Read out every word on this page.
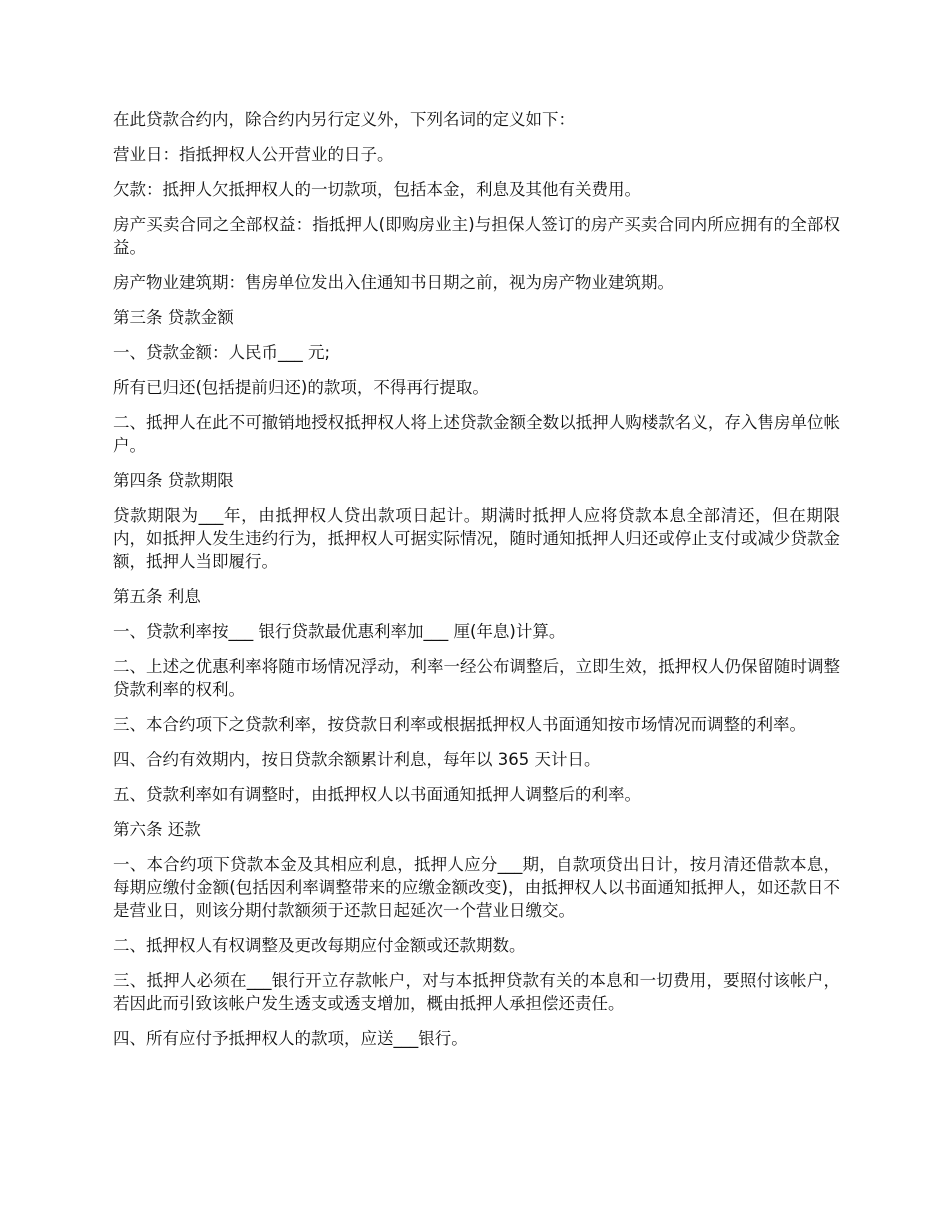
在此贷款合约内，除合约内另行定义外，下列名词的定义如下：

营业日：指抵押权人公开营业的日子。

欠款：抵押人欠抵押权人的一切款项，包括本金，利息及其他有关费用。

房产买卖合同之全部权益：指抵押人(即购房业主)与担保人签订的房产买卖合同内所应拥有的全部权益。

房产物业建筑期：售房单位发出入住通知书日期之前，视为房产物业建筑期。

第三条 贷款金额

一、贷款金额：人民币___ 元;

所有已归还(包括提前归还)的款项，不得再行提取。

二、抵押人在此不可撤销地授权抵押权人将上述贷款金额全数以抵押人购楼款名义，存入售房单位帐户。

第四条 贷款期限

贷款期限为___年，由抵押权人贷出款项日起计。期满时抵押人应将贷款本息全部清还，但在期限内，如抵押人发生违约行为，抵押权人可据实际情况，随时通知抵押人归还或停止支付或减少贷款金额，抵押人当即履行。

第五条 利息

一、贷款利率按___ 银行贷款最优惠利率加___ 厘(年息)计算。

二、上述之优惠利率将随市场情况浮动，利率一经公布调整后，立即生效，抵押权人仍保留随时调整贷款利率的权利。

三、本合约项下之贷款利率，按贷款日利率或根据抵押权人书面通知按市场情况而调整的利率。

四、合约有效期内，按日贷款余额累计利息，每年以 365 天计日。

五、贷款利率如有调整时，由抵押权人以书面通知抵押人调整后的利率。

第六条 还款

一、本合约项下贷款本金及其相应利息，抵押人应分___期，自款项贷出日计，按月清还借款本息，每期应缴付金额(包括因利率调整带来的应缴金额改变)，由抵押权人以书面通知抵押人，如还款日不是营业日，则该分期付款额须于还款日起延次一个营业日缴交。

二、抵押权人有权调整及更改每期应付金额或还款期数。

三、抵押人必须在___银行开立存款帐户，对与本抵押贷款有关的本息和一切费用，要照付该帐户，若因此而引致该帐户发生透支或透支增加，概由抵押人承担偿还责任。

四、所有应付予抵押权人的款项，应送___银行。
